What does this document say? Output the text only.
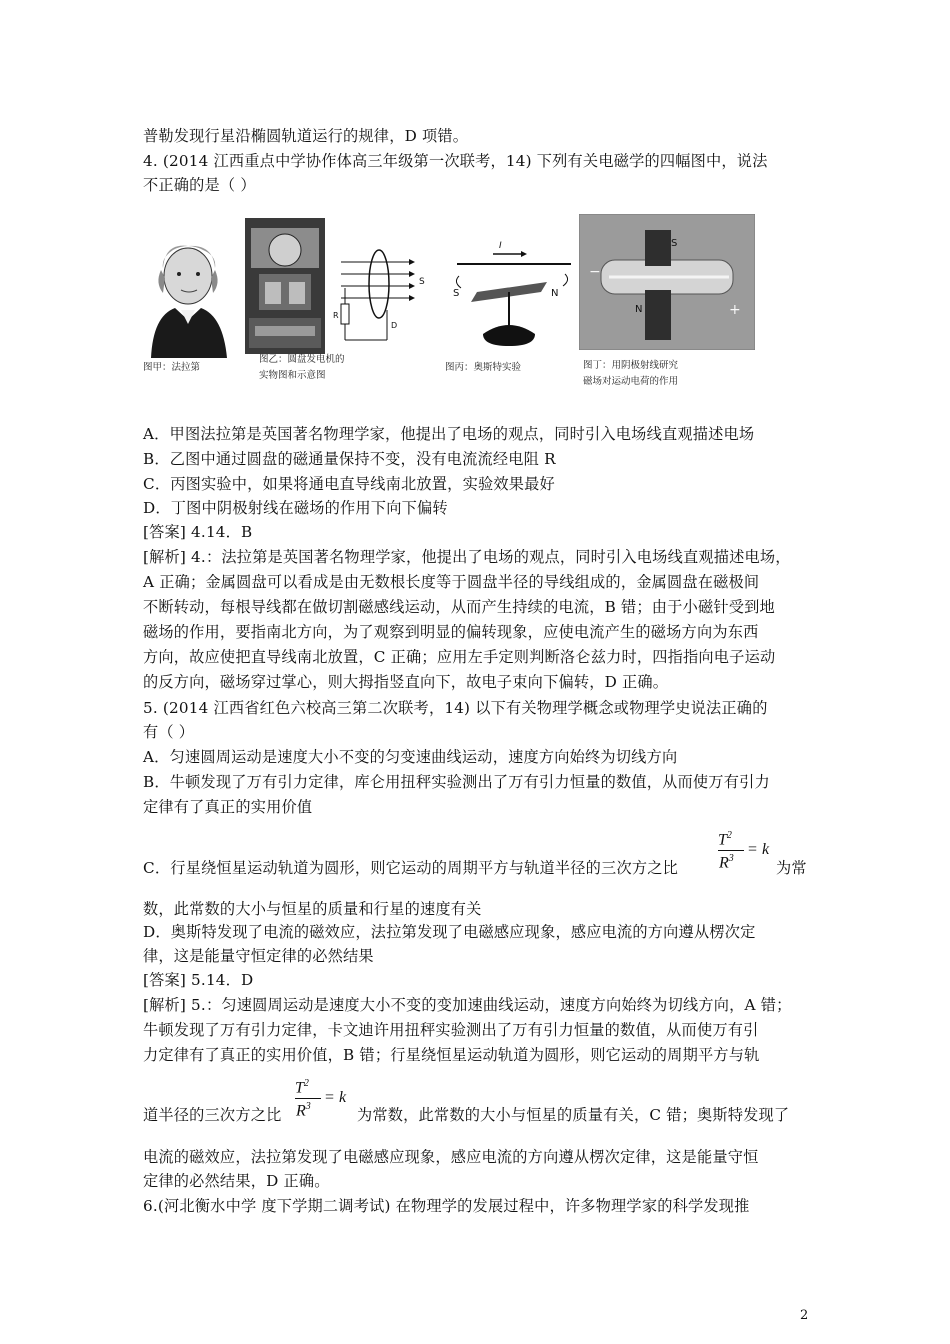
普勒发现行星沿椭圆轨道运行的规律，D 项错。
4. (2014 江西重点中学协作体高三年级第一次联考，14) 下列有关电磁学的四幅图中，说法
不正确的是（ ）
图甲：法拉第
R
S
D
图乙：圆盘发电机的
实物图和示意图
I
S	N
图丙：奥斯特实验
S
N
−
+
图丁：用阴极射线研究
磁场对运动电荷的作用
A．甲图法拉第是英国著名物理学家，他提出了电场的观点，同时引入电场线直观描述电场
B．乙图中通过圆盘的磁通量保持不变，没有电流流经电阻 R
C．丙图实验中，如果将通电直导线南北放置，实验效果最好
D．丁图中阴极射线在磁场的作用下向下偏转
[答案] 4.14．B
[解析] 4.：法拉第是英国著名物理学家，他提出了电场的观点，同时引入电场线直观描述电场，
A 正确；金属圆盘可以看成是由无数根长度等于圆盘半径的导线组成的，金属圆盘在磁极间
不断转动，每根导线都在做切割磁感线运动，从而产生持续的电流，B 错；由于小磁针受到地
磁场的作用，要指南北方向，为了观察到明显的偏转现象，应使电流产生的磁场方向为东西
方向，故应使把直导线南北放置，C 正确；应用左手定则判断洛仑兹力时，四指指向电子运动
的反方向，磁场穿过掌心，则大拇指竖直向下，故电子束向下偏转，D 正确。
5. (2014 江西省红色六校高三第二次联考，14) 以下有关物理学概念或物理学史说法正确的
有（ ）
A．匀速圆周运动是速度大小不变的匀变速曲线运动，速度方向始终为切线方向
B．牛顿发现了万有引力定律，库仑用扭秤实验测出了万有引力恒量的数值，从而使万有引力
定律有了真正的实用价值
C．行星绕恒星运动轨道为圆形，则它运动的周期平方与轨道半径的三次方之比
$T^2$
$R^3$
= k
为常
数，此常数的大小与恒星的质量和行星的速度有关
D．奥斯特发现了电流的磁效应，法拉第发现了电磁感应现象，感应电流的方向遵从楞次定
律，这是能量守恒定律的必然结果
[答案] 5.14．D
[解析] 5.：匀速圆周运动是速度大小不变的变加速曲线运动，速度方向始终为切线方向，A 错；
牛顿发现了万有引力定律，卡文迪许用扭秤实验测出了万有引力恒量的数值，从而使万有引
力定律有了真正的实用价值，B 错；行星绕恒星运动轨道为圆形，则它运动的周期平方与轨
道半径的三次方之比
$T^2$
$R^3$
= k
为常数，此常数的大小与恒星的质量有关，C 错；奥斯特发现了
电流的磁效应，法拉第发现了电磁感应现象，感应电流的方向遵从楞次定律，这是能量守恒
定律的必然结果，D 正确。
6.(河北衡水中学 度下学期二调考试) 在物理学的发展过程中，许多物理学家的科学发现推
2
